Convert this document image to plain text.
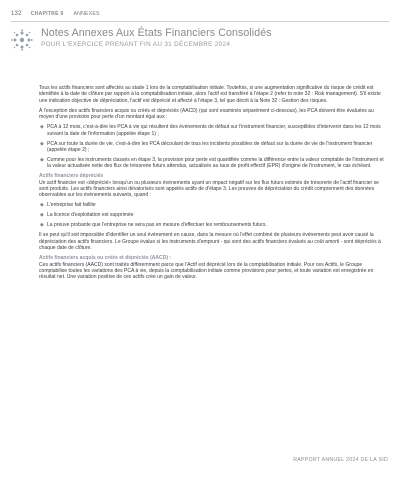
132 CHAPITRE 9 ANNEXES
Notes Annexes Aux États Financiers Consolidés
POUR L'EXERCICE PRENANT FIN AU 31 DÉCEMBRE 2024

Tous les actifs financiers sont affectés au stade 1 lors de la comptabilisation initiale. Toutefois, si une augmentation significative du risque de crédit est identifiée à la date de clôture par rapport à la comptabilisation initiale, alors l'actif est transféré à l'étape 2 (refer to note 32 : Risk management). S'il existe une indication objective de dépréciation, l'actif est déprécié et affecté à l'étape 3, tel que décrit à la Note 32 : Gestion des risques.

À l'exception des actifs financiers acquis ou créés et dépréciés (AACD) (qui sont examinés séparément ci-dessous), les PCA doivent être évaluées au moyen d'une provision pour perte d'un montant égal aux :

◆ PCA à 12 mois, c'est-à-dire les PCA à vie qui résultent des événements de défaut sur l'instrument financier, susceptibles d'intervenir dans les 12 mois suivant la date de l'information (appelée étape 1) ;
◆ PCA sur toute la durée de vie, c'est-à-dire les PCA découlant de tous les incidents possibles de défaut sur la durée de vie de l'instrument financier (appelée étape 2) ;
◆ Comme pour les instruments classés en étape 3, la provision pour perte est quantifiée comme la différence entre la valeur comptable de l'instrument et la valeur actualisée nette des flux de trésorerie futurs attendus, actualisés au taux de profit effectif (EPR) d'origine de l'instrument, le cas échéant.
Actifs financiers dépréciés

Un actif financier est «déprécié» lorsqu'un ou plusieurs événements ayant un impact négatif sur les flux futurs estimés de trésorerie de l'actif financier se sont produits. Les actifs financiers ainsi dévalorisés sont appelés actifs de d'étape 3. Les preuves de dépréciation du crédit comprennent des données observables sur les événements suivants, quand :

◆ L'entreprise fait faillite
◆ La licence d'exploitation est supprimée
◆ La preuve probante que l'entreprise ne sera pas en mesure d'effectuer les remboursements futurs.

Il se peut qu'il soit impossible d'identifier un seul événement en cause, dans la mesure où l'effet combiné de plusieurs événements peut avoir causé la dépréciation des actifs financiers. Le Groupe évalue si les instruments d'emprunt - qui sont des actifs financiers évalués au coût amorti - sont dépréciés à chaque date de clôture.

Actifs financiers acquis ou créés et dépréciés (AACD) :

Ces actifs financiers (AACD) sont traités différemment parce que l'Actif est déprécié lors de la comptabilisation initiale. Pour ces Actifs, le Groupe comptabilise toutes les variations des PCA à vie, depuis la comptabilisation initiale comme provisions pour pertes, et toute variation est enregistrée en résultat net. Une variation positive de ces actifs crée un gain de valeur.

RAPPORT ANNUEL 2024 DE LA SID
